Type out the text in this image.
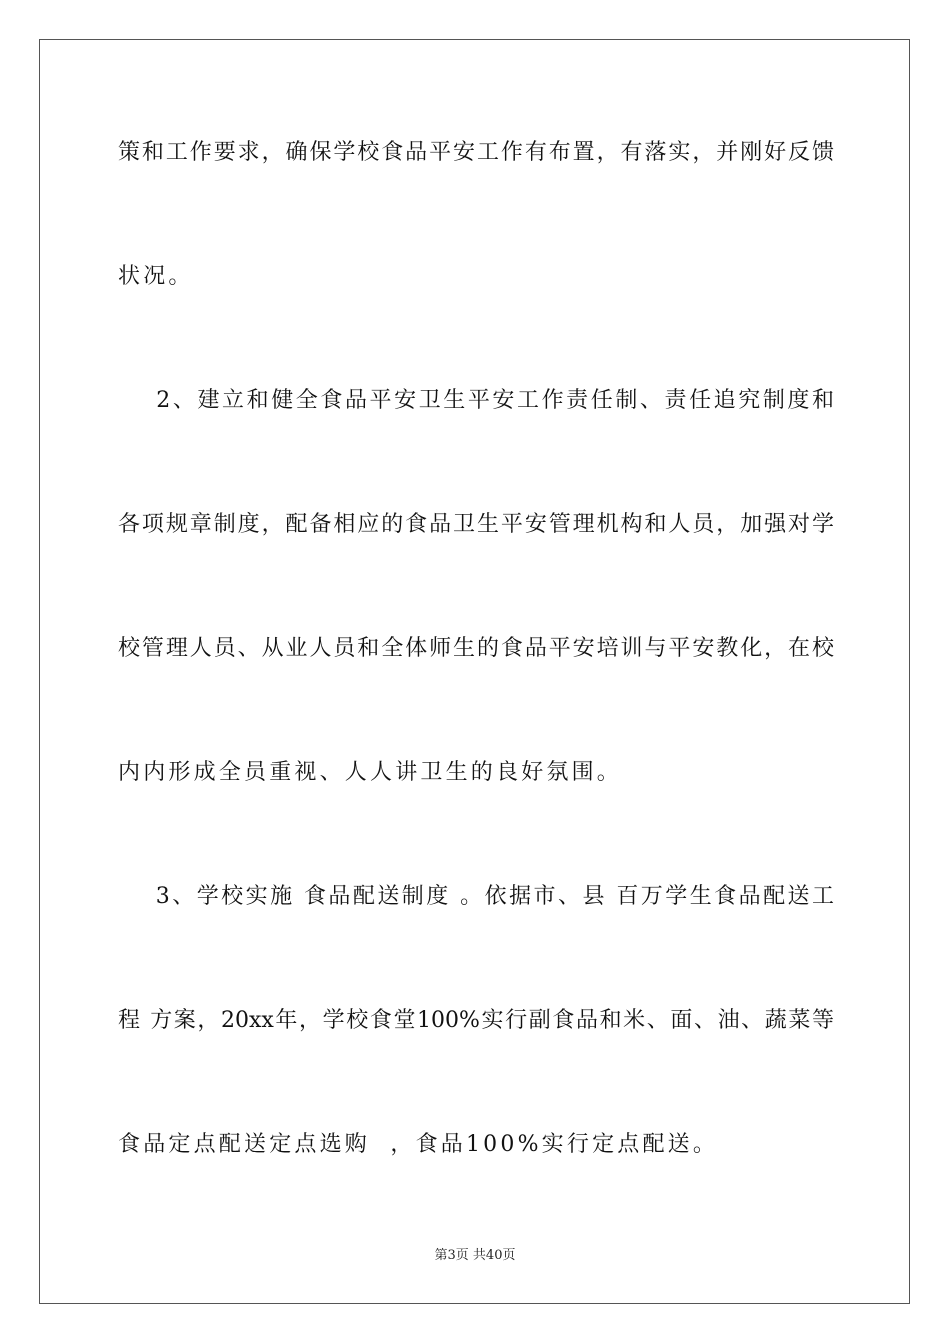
策和工作要求，确保学校食品平安工作有布置，有落实，并刚好反馈
状况。
2、建立和健全食品平安卫生平安工作责任制、责任追究制度和
各项规章制度，配备相应的食品卫生平安管理机构和人员，加强对学
校管理人员、从业人员和全体师生的食品平安培训与平安教化，在校
内内形成全员重视、人人讲卫生的良好氛围。
3、学校实施 食品配送制度 。依据市、县 百万学生食品配送工
程 方案，20xx年，学校食堂100%实行副食品和米、面、油、蔬菜等
食品定点配送定点选购  ，食品100%实行定点配送。
第3页 共40页
